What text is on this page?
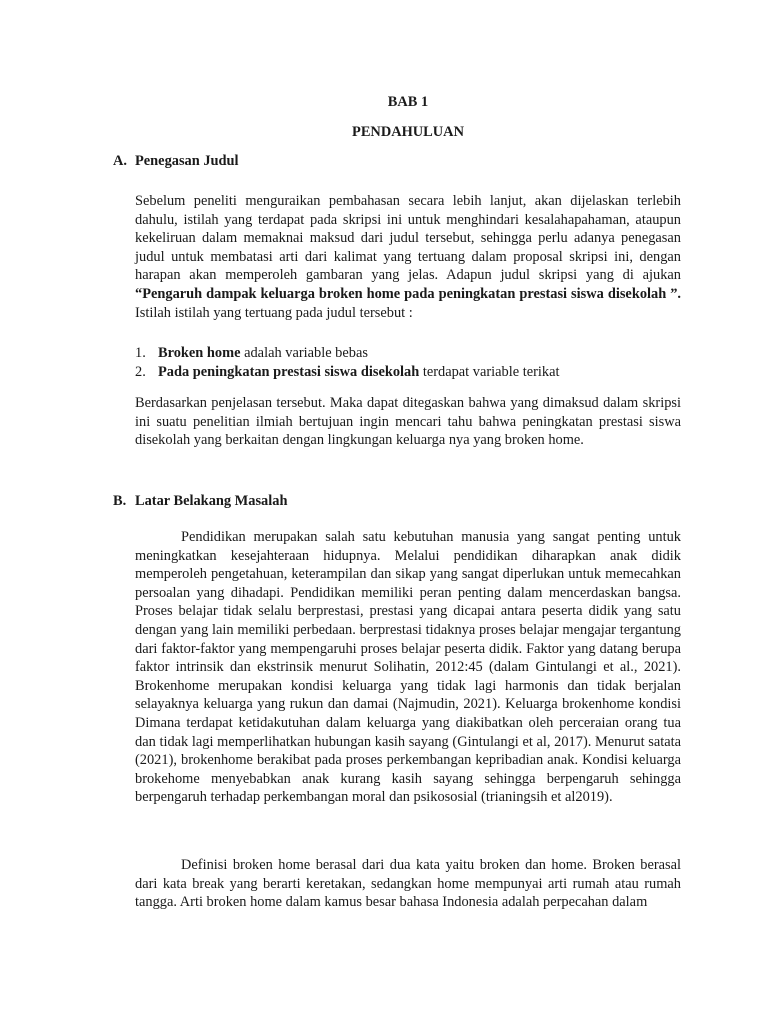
BAB 1
PENDAHULUAN
A. Penegasan Judul

Sebelum peneliti menguraikan pembahasan secara lebih lanjut, akan dijelaskan terlebih dahulu, istilah yang terdapat pada skripsi ini untuk menghindari kesalahapahaman, ataupun kekeliruan dalam memaknai maksud dari judul tersebut, sehingga perlu adanya penegasan judul untuk membatasi arti dari kalimat yang tertuang dalam proposal skripsi ini, dengan harapan akan memperoleh gambaran yang jelas. Adapun judul skripsi yang di ajukan “Pengaruh dampak keluarga broken home pada peningkatan prestasi siswa disekolah ”. Istilah istilah yang tertuang pada judul tersebut :

1. Broken home adalah variable bebas
2. Pada peningkatan prestasi siswa disekolah terdapat variable terikat

Berdasarkan penjelasan tersebut. Maka dapat ditegaskan bahwa yang dimaksud dalam skripsi ini suatu penelitian ilmiah bertujuan ingin mencari tahu bahwa peningkatan prestasi siswa disekolah yang berkaitan dengan lingkungan keluarga nya yang broken home.

B. Latar Belakang Masalah

Pendidikan merupakan salah satu kebutuhan manusia yang sangat penting untuk meningkatkan kesejahteraan hidupnya. Melalui pendidikan diharapkan anak didik memperoleh pengetahuan, keterampilan dan sikap yang sangat diperlukan untuk memecahkan persoalan yang dihadapi. Pendidikan memiliki peran penting dalam mencerdaskan bangsa. Proses belajar tidak selalu berprestasi, prestasi yang dicapai antara peserta didik yang satu dengan yang lain memiliki perbedaan. berprestasi tidaknya proses belajar mengajar tergantung dari faktor-faktor yang mempengaruhi proses belajar peserta didik. Faktor yang datang berupa faktor intrinsik dan ekstrinsik menurut Solihatin, 2012:45 (dalam Gintulangi et al., 2021). Brokenhome merupakan kondisi keluarga yang tidak lagi harmonis dan tidak berjalan selayaknya keluarga yang rukun dan damai (Najmudin, 2021). Keluarga brokenhome kondisi Dimana terdapat ketidakutuhan dalam keluarga yang diakibatkan oleh perceraian orang tua dan tidak lagi memperlihatkan hubungan kasih sayang (Gintulangi et al, 2017). Menurut satata (2021), brokenhome berakibat pada proses perkembangan kepribadian anak. Kondisi keluarga brokehome menyebabkan anak kurang kasih sayang sehingga berpengaruh sehingga berpengaruh terhadap perkembangan moral dan psikososial (trianingsih et al2019).

Definisi broken home berasal dari dua kata yaitu broken dan home. Broken berasal dari kata break yang berarti keretakan, sedangkan home mempunyai arti rumah atau rumah tangga. Arti broken home dalam kamus besar bahasa Indonesia adalah perpecahan dalam
